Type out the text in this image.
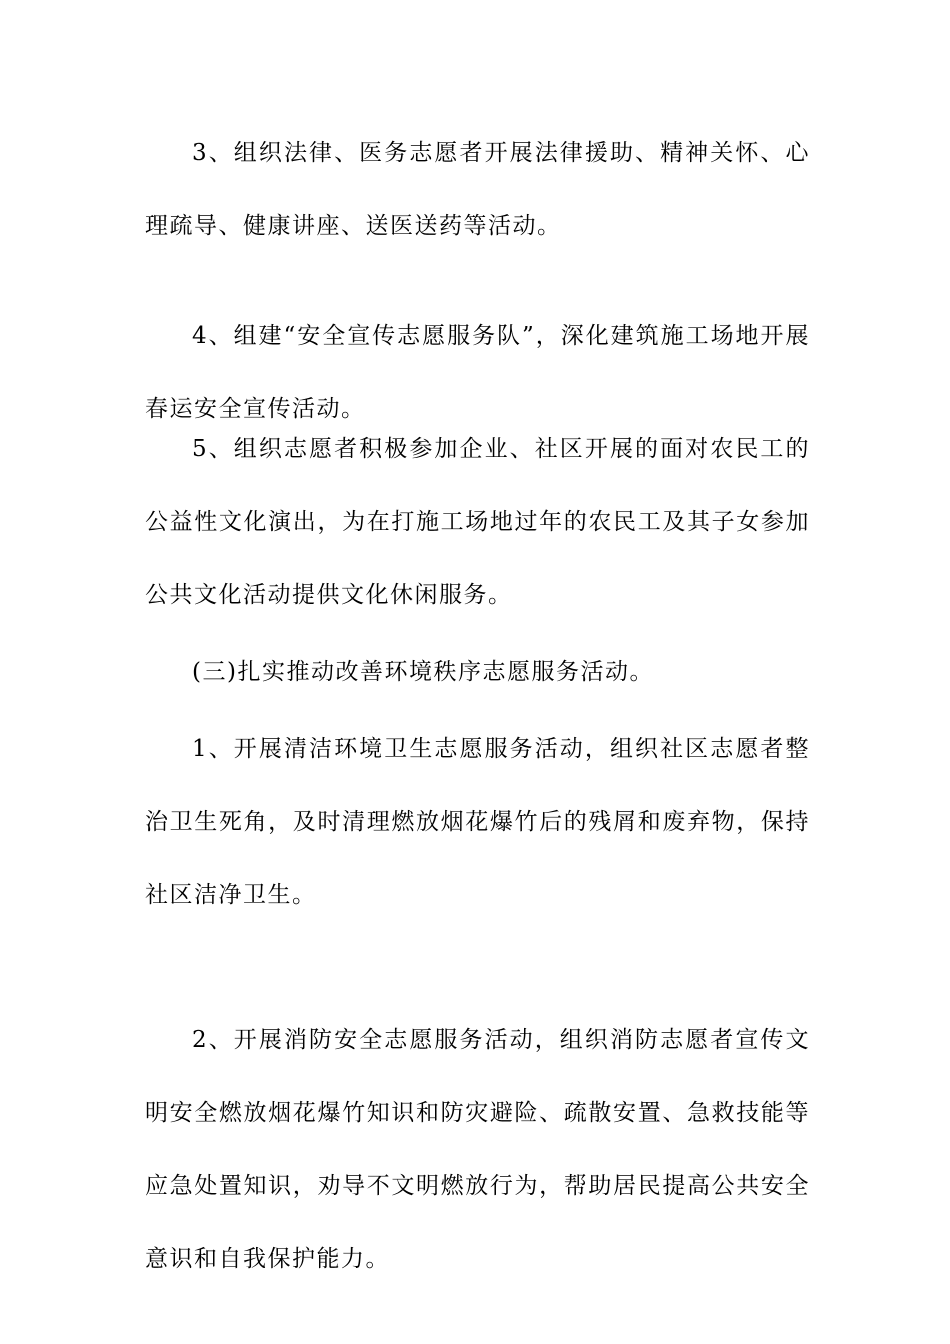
3、组织法律、医务志愿者开展法律援助、精神关怀、心理疏导、健康讲座、送医送药等活动。

4、组建“安全宣传志愿服务队”，深化建筑施工场地开展春运安全宣传活动。

5、组织志愿者积极参加企业、社区开展的面对农民工的公益性文化演出，为在打施工场地过年的农民工及其子女参加公共文化活动提供文化休闲服务。

(三)扎实推动改善环境秩序志愿服务活动。

1、开展清洁环境卫生志愿服务活动，组织社区志愿者整治卫生死角，及时清理燃放烟花爆竹后的残屑和废弃物，保持社区洁净卫生。

2、开展消防安全志愿服务活动，组织消防志愿者宣传文明安全燃放烟花爆竹知识和防灾避险、疏散安置、急救技能等应急处置知识，劝导不文明燃放行为，帮助居民提高公共安全意识和自我保护能力。
